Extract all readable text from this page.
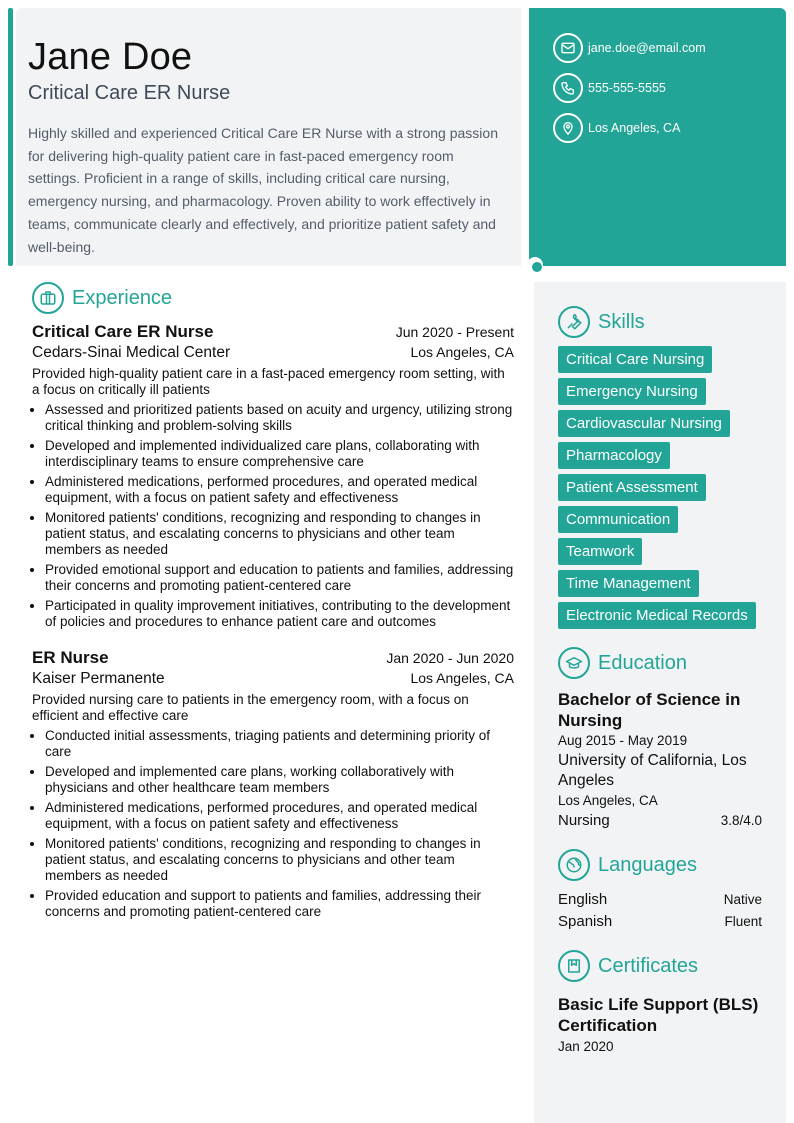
Jane Doe
Critical Care ER Nurse
Highly skilled and experienced Critical Care ER Nurse with a strong passion for delivering high-quality patient care in fast-paced emergency room settings. Proficient in a range of skills, including critical care nursing, emergency nursing, and pharmacology. Proven ability to work effectively in teams, communicate clearly and effectively, and prioritize patient safety and well-being.
jane.doe@email.com
555-555-5555
Los Angeles, CA
Experience
Critical Care ER Nurse	Jun 2020 - Present
Cedars-Sinai Medical Center	Los Angeles, CA
Provided high-quality patient care in a fast-paced emergency room setting, with a focus on critically ill patients
• Assessed and prioritized patients based on acuity and urgency, utilizing strong critical thinking and problem-solving skills
• Developed and implemented individualized care plans, collaborating with interdisciplinary teams to ensure comprehensive care
• Administered medications, performed procedures, and operated medical equipment, with a focus on patient safety and effectiveness
• Monitored patients' conditions, recognizing and responding to changes in patient status, and escalating concerns to physicians and other team members as needed
• Provided emotional support and education to patients and families, addressing their concerns and promoting patient-centered care
• Participated in quality improvement initiatives, contributing to the development of policies and procedures to enhance patient care and outcomes
ER Nurse	Jan 2020 - Jun 2020
Kaiser Permanente	Los Angeles, CA
Provided nursing care to patients in the emergency room, with a focus on efficient and effective care
• Conducted initial assessments, triaging patients and determining priority of care
• Developed and implemented care plans, working collaboratively with physicians and other healthcare team members
• Administered medications, performed procedures, and operated medical equipment, with a focus on patient safety and effectiveness
• Monitored patients' conditions, recognizing and responding to changes in patient status, and escalating concerns to physicians and other team members as needed
• Provided education and support to patients and families, addressing their concerns and promoting patient-centered care
Skills
Critical Care Nursing
Emergency Nursing
Cardiovascular Nursing
Pharmacology
Patient Assessment
Communication
Teamwork
Time Management
Electronic Medical Records
Education
Bachelor of Science in Nursing
Aug 2015 - May 2019
University of California, Los Angeles
Los Angeles, CA
Nursing	3.8/4.0
Languages
English	Native
Spanish	Fluent
Certificates
Basic Life Support (BLS) Certification
Jan 2020
